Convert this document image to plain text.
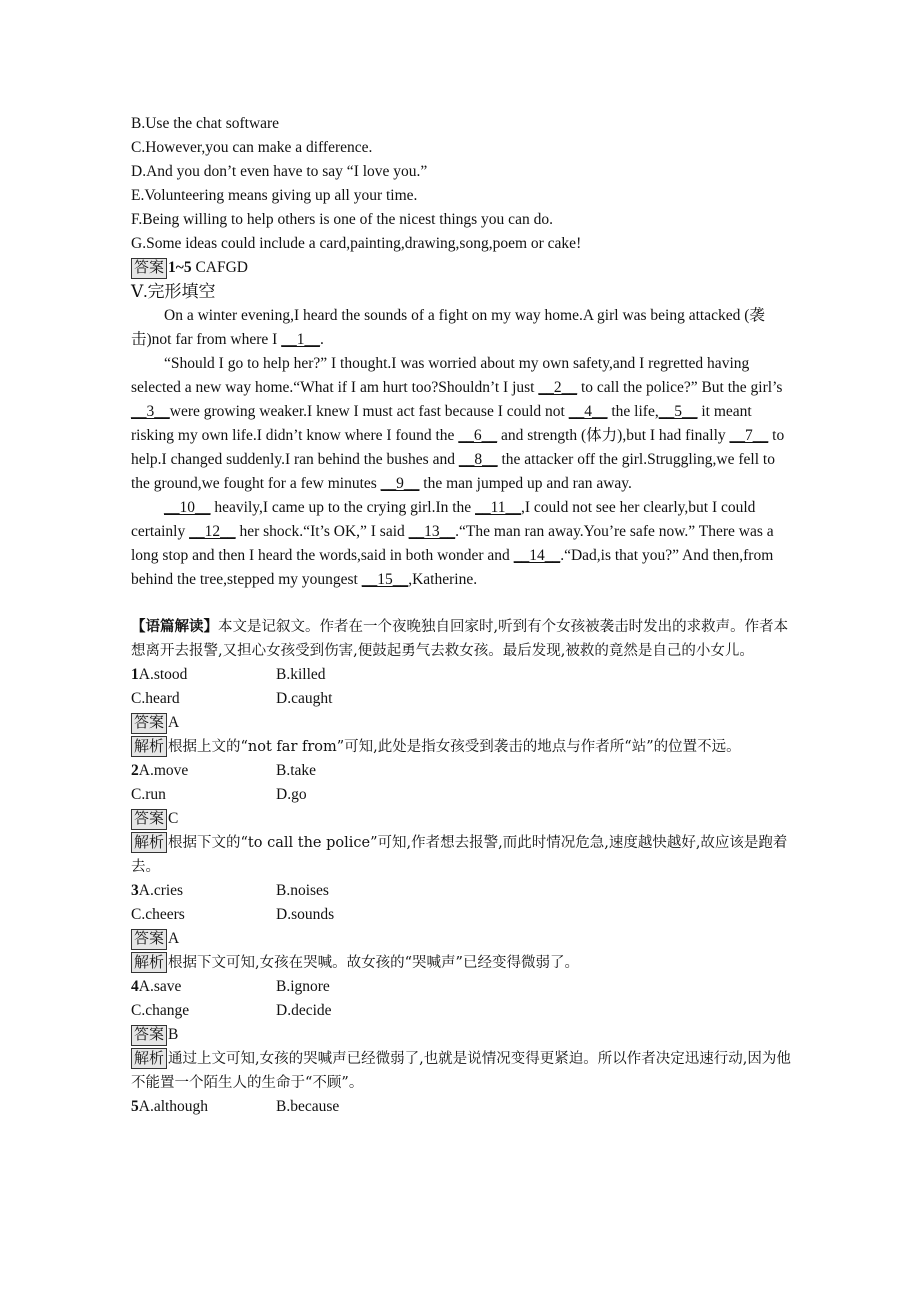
B.Use the chat software
C.However,you can make a difference.
D.And you don’t even have to say “I love you.”
E.Volunteering means giving up all your time.
F.Being willing to help others is one of the nicest things you can do.
G.Some ideas could include a card,painting,drawing,song,poem or cake!
答案 1~5 CAFGD
Ⅴ.完形填空
On a winter evening,I heard the sounds of a fight on my way home.A girl was being attacked (袭击)not far from where I __1__.
“Should I go to help her?” I thought.I was worried about my own safety,and I regretted having selected a new way home.“What if I am hurt too?Shouldn’t I just __2__ to call the police?” But the girl’s __3__were growing weaker.I knew I must act fast because I could not __4__ the life,__5__ it meant risking my own life.I didn’t know where I found the __6__ and strength (体力),but I had finally __7__ to help.I changed suddenly.I ran behind the bushes and __8__ the attacker off the girl.Struggling,we fell to the ground,we fought for a few minutes __9__ the man jumped up and ran away.
__10__ heavily,I came up to the crying girl.In the __11__,I could not see her clearly,but I could certainly __12__ her shock.“It’s OK,” I said __13__.“The man ran away.You’re safe now.” There was a long stop and then I heard the words,said in both wonder and __14__.“Dad,is that you?” And then,from behind the tree,stepped my youngest __15__,Katherine.
【语篇解读】本文是记叙文。作者在一个夜晚独自回家时,听到有个女孩被袭击时发出的求救声。作者本想离开去报警,又担心女孩受到伤害,便鼓起勇气去救女孩。最后发现,被救的竟然是自己的小女儿。
1A.stood	B.killed
C.heard	D.caught
答案 A
解析 根据上文的“not far from”可知,此处是指女孩受到袭击的地点与作者所“站”的位置不远。
2A.move	B.take
C.run	D.go
答案 C
解析 根据下文的“to call the police”可知,作者想去报警,而此时情况危急,速度越快越好,故应该是跑着去。
3A.cries	B.noises
C.cheers	D.sounds
答案 A
解析 根据下文可知,女孩在哭喊。故女孩的“哭喊声”已经变得微弱了。
4A.save	B.ignore
C.change	D.decide
答案 B
解析 通过上文可知,女孩的哭喊声已经微弱了,也就是说情况变得更紧迫。所以作者决定迅速行动,因为他不能置一个陌生人的生命于“不顾”。
5A.although	B.because
